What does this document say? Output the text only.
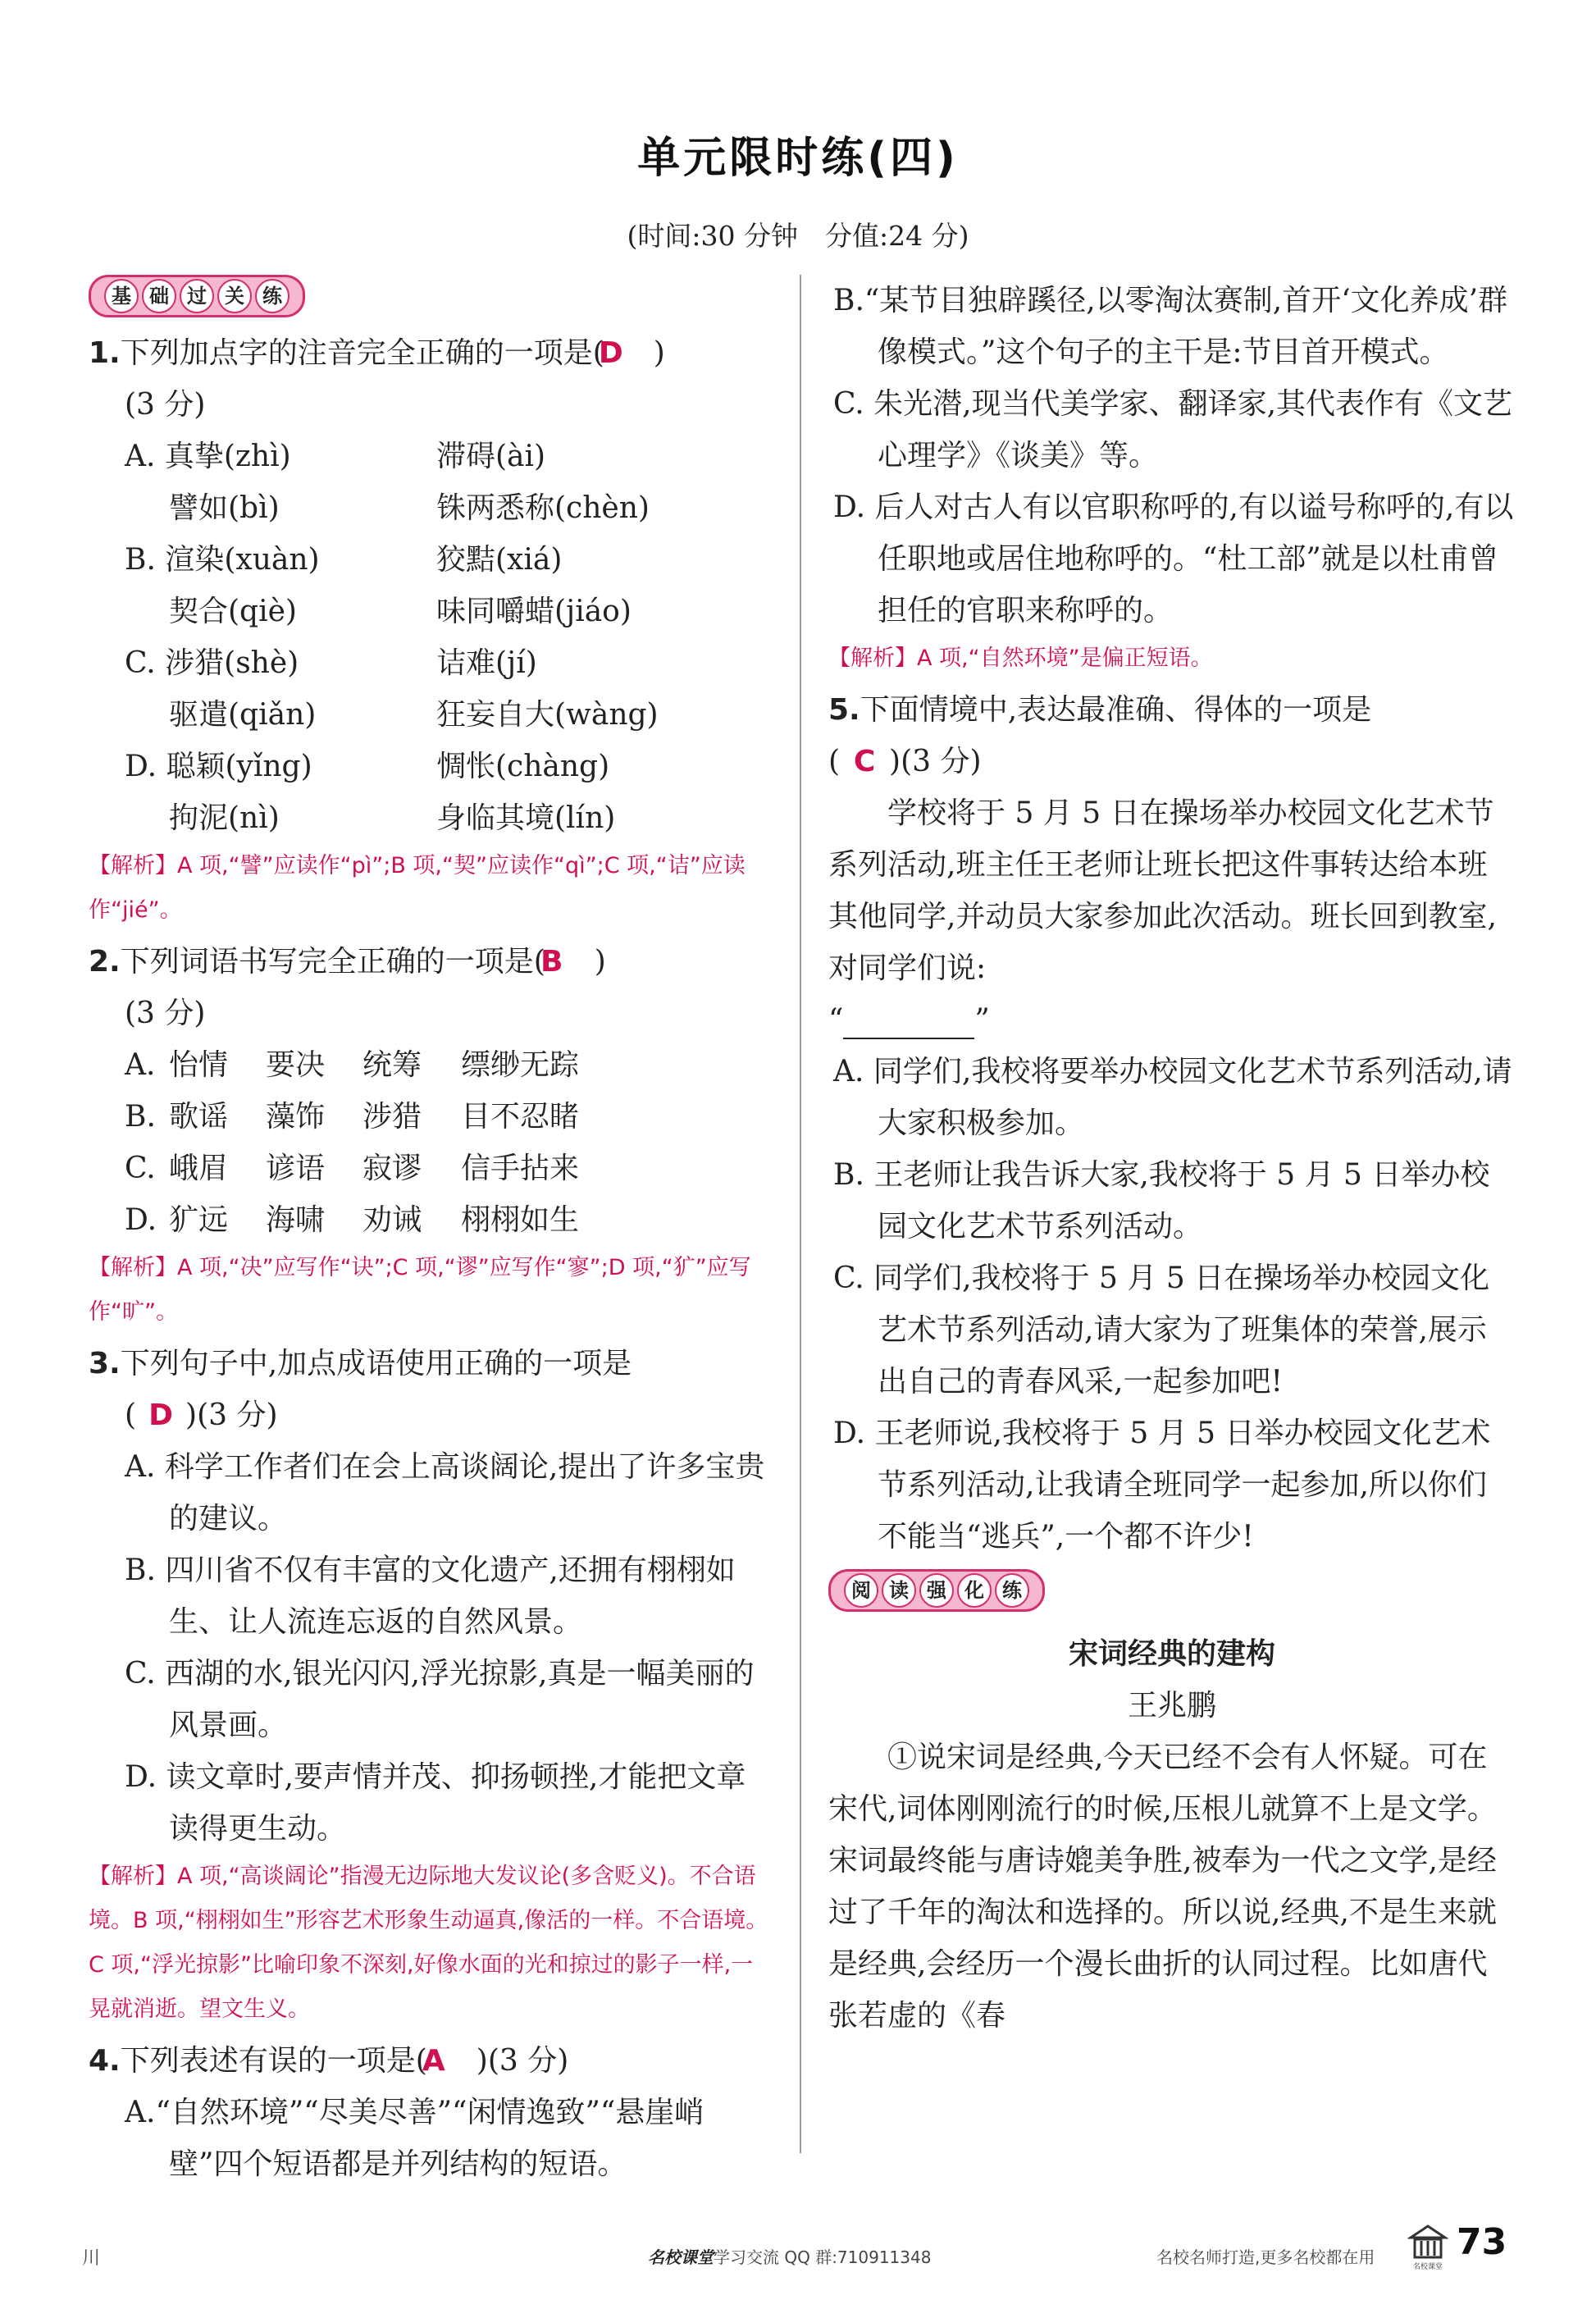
单元限时练(四)
(时间:30 分钟　分值:24 分)
基 础 过 关 练

1.下列加点字的注音完全正确的一项是(D )

(3 分)
A. 真挚(zhì)	滞碍(ài)
譬如(bì)	铢两悉称(chèn)
B. 渲染(xuàn)	狡黠(xiá)
契合(qiè)	味同嚼蜡(jiáo)
C. 涉猎(shè)	诘难(jí)
驱遣(qiǎn)	狂妄自大(wàng)
D. 聪颖(yǐng)	惆怅(chàng)
拘泥(nì)	身临其境(lín)

【解析】A 项,“譬”应读作“pì”;B 项,“契”应读作“qì”;C 项,“诘”应读作“jié”。

2.下列词语书写完全正确的一项是(B )

(3 分)
A. 怡情	要决	统筹	缥缈无踪
B. 歌谣	藻饰	涉猎	目不忍睹
C. 峨眉	谚语	寂谬	信手拈来
D. 犷远	海啸	劝诫	栩栩如生

【解析】A 项,“决”应写作“诀”;C 项,“谬”应写作“寥”;D 项,“犷”应写作“旷”。

3.下列句子中,加点成语使用正确的一项是

( D )(3 分)

A. 科学工作者们在会上高谈阔论,提出了许多宝贵的建议。

B. 四川省不仅有丰富的文化遗产,还拥有栩栩如生、让人流连忘返的自然风景。

C. 西湖的水,银光闪闪,浮光掠影,真是一幅美丽的风景画。

D. 读文章时,要声情并茂、抑扬顿挫,才能把文章读得更生动。

【解析】A 项,“高谈阔论”指漫无边际地大发议论(多含贬义)。不合语境。B 项,“栩栩如生”形容艺术形象生动逼真,像活的一样。不合语境。C 项,“浮光掠影”比喻印象不深刻,好像水面的光和掠过的影子一样,一晃就消逝。望文生义。

4.下列表述有误的一项是(A )(3 分)

A.“自然环境”“尽美尽善”“闲情逸致”“悬崖峭壁”四个短语都是并列结构的短语。

B.“某节目独辟蹊径,以零淘汰赛制,首开‘文化养成’群像模式。”这个句子的主干是:节目首开模式。

C. 朱光潜,现当代美学家、翻译家,其代表作有《文艺心理学》《谈美》等。

D. 后人对古人有以官职称呼的,有以谥号称呼的,有以任职地或居住地称呼的。“杜工部”就是以杜甫曾担任的官职来称呼的。

【解析】A 项,“自然环境”是偏正短语。

5.下面情境中,表达最准确、得体的一项是

( C )(3 分)

学校将于 5 月 5 日在操场举办校园文化艺术节系列活动,班主任王老师让班长把这件事转达给本班其他同学,并动员大家参加此次活动。班长回到教室,对同学们说:

“	”

A. 同学们,我校将要举办校园文化艺术节系列活动,请大家积极参加。

B. 王老师让我告诉大家,我校将于 5 月 5 日举办校园文化艺术节系列活动。

C. 同学们,我校将于 5 月 5 日在操场举办校园文化艺术节系列活动,请大家为了班集体的荣誉,展示出自己的青春风采,一起参加吧!

D. 王老师说,我校将于 5 月 5 日举办校园文化艺术节系列活动,让我请全班同学一起参加,所以你们不能当“逃兵”,一个都不许少!

阅 读 强 化 练
宋词经典的建构
王兆鹏

①说宋词是经典,今天已经不会有人怀疑。可在宋代,词体刚刚流行的时候,压根儿就算不上是文学。宋词最终能与唐诗媲美争胜,被奉为一代之文学,是经过了千年的淘汰和选择的。所以说,经典,不是生来就是经典,会经历一个漫长曲折的认同过程。比如唐代张若虚的《春

川	名校课堂学习交流 QQ 群:710911348	名校名师打造,更多名校都在用	名校课堂
73
